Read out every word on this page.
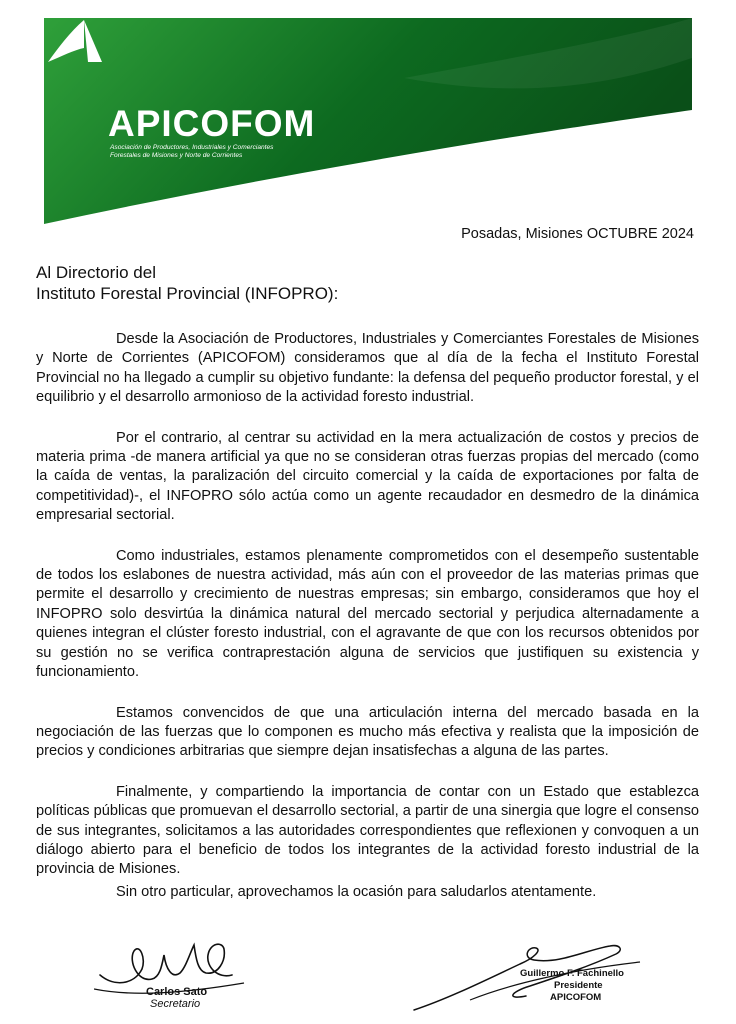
APICOFOM

Asociación de Productores, Industriales y Comerciantes
Forestales de Misiones y Norte de Corrientes

Posadas, Misiones OCTUBRE 2024

Al Directorio del
Instituto Forestal Provincial (INFOPRO):

Desde la Asociación de Productores, Industriales y Comerciantes Forestales de Misiones y Norte de Corrientes (APICOFOM) consideramos que al día de la fecha el Instituto Forestal Provincial no ha llegado a cumplir su objetivo fundante: la defensa del pequeño productor forestal, y el equilibrio y el desarrollo armonioso de la actividad foresto industrial.

Por el contrario, al centrar su actividad en la mera actualización de costos y precios de materia prima -de manera artificial ya que no se consideran otras fuerzas propias del mercado (como la caída de ventas, la paralización del circuito comercial y la caída de exportaciones por falta de competitividad)-, el INFOPRO sólo actúa como un agente recaudador en desmedro de la dinámica empresarial sectorial.

Como industriales, estamos plenamente comprometidos con el desempeño sustentable de todos los eslabones de nuestra actividad, más aún con el proveedor de las materias primas que permite el desarrollo y crecimiento de nuestras empresas; sin embargo, consideramos que hoy el INFOPRO solo desvirtúa la dinámica natural del mercado sectorial y perjudica alternadamente a quienes integran el clúster foresto industrial, con el agravante de que con los recursos obtenidos por su gestión no se verifica contraprestación alguna de servicios que justifiquen su existencia y funcionamiento.

Estamos convencidos de que una articulación interna del mercado basada en la negociación de las fuerzas que lo componen es mucho más efectiva y realista que la imposición de precios y condiciones arbitrarias que siempre dejan insatisfechas a alguna de las partes.

Finalmente, y compartiendo la importancia de contar con un Estado que establezca políticas públicas que promuevan el desarrollo sectorial, a partir de una sinergia que logre el consenso de sus integrantes, solicitamos a las autoridades correspondientes que reflexionen y convoquen a un diálogo abierto para el beneficio de todos los integrantes de la actividad foresto industrial de la provincia de Misiones.

Sin otro particular, aprovechamos la ocasión para saludarlos atentamente.

Carlos Sato

Secretario

Guillermo F. Fachinello

Presidente

APICOFOM
